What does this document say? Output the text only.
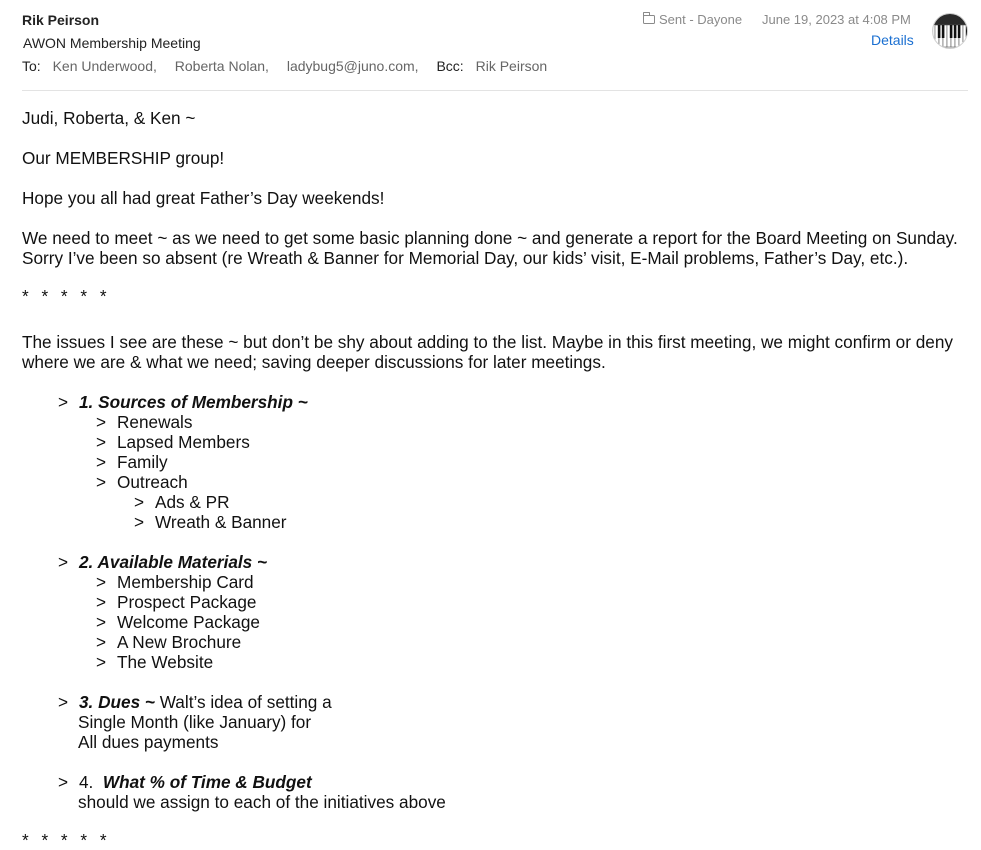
Rik Peirson
AWON Membership Meeting
To: Ken Underwood, Roberta Nolan, ladybug5@juno.com, Bcc: Rik Peirson
Sent - Dayone June 19, 2023 at 4:08 PM
Details

Judi, Roberta, & Ken ~

Our MEMBERSHIP group!

Hope you all had great Father’s Day weekends!

We need to meet ~ as we need to get some basic planning done ~ and generate a report for the Board Meeting on Sunday.

Sorry I’ve been so absent (re Wreath & Banner for Memorial Day, our kids’ visit, E-Mail problems, Father’s Day, etc.).

* * * * *

The issues I see are these ~ but don’t be shy about adding to the list. Maybe in this first meeting, we might confirm or deny

where we are & what we need; saving deeper discussions for later meetings.

> 1. Sources of Membership ~

> Renewals

> Lapsed Members

> Family

> Outreach

> Ads & PR

> Wreath & Banner

> 2. Available Materials ~

> Membership Card

> Prospect Package

> Welcome Package

> A New Brochure

> The Website

> 3. Dues ~ Walt’s idea of setting a

Single Month (like January) for

All dues payments

> 4.  What % of Time & Budget

should we assign to each of the initiatives above

* * * * *
